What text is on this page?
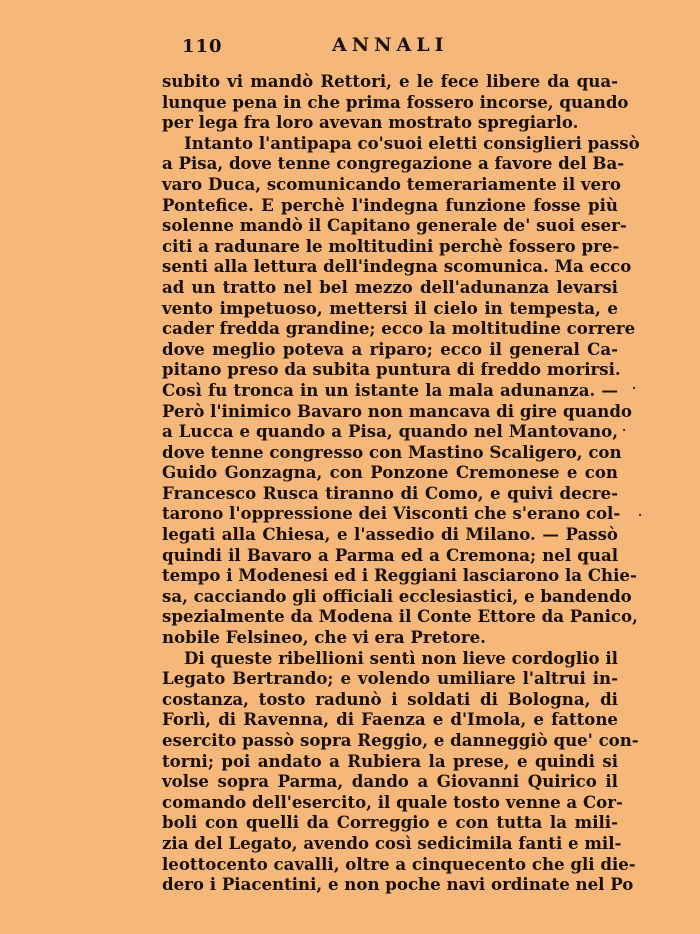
110	ANNALI
subito vi mandò Rettori, e le fece libere da qua-
lunque pena in che prima fossero incorse, quando
per lega fra loro avevan mostrato spregiarlo.
Intanto l'antipapa co'suoi eletti consiglieri passò
a Pisa, dove tenne congregazione a favore del Ba-
varo Duca, scomunicando temerariamente il vero
Pontefice. E perchè l'indegna funzione fosse più
solenne mandò il Capitano generale de' suoi eser-
citi a radunare le moltitudini perchè fossero pre-
senti alla lettura dell'indegna scomunica. Ma ecco
ad un tratto nel bel mezzo dell'adunanza levarsi
vento impetuoso, mettersi il cielo in tempesta, e
cader fredda grandine; ecco la moltitudine correre
dove meglio poteva a riparo; ecco il general Ca-
pitano preso da subita puntura di freddo morirsi.
Così fu tronca in un istante la mala adunanza. —
Però l'inimico Bavaro non mancava di gire quando
a Lucca e quando a Pisa, quando nel Mantovano,
dove tenne congresso con Mastino Scaligero, con
Guido Gonzagna, con Ponzone Cremonese e con
Francesco Rusca tiranno di Como, e quivi decre-
tarono l'oppressione dei Visconti che s'erano col-
legati alla Chiesa, e l'assedio di Milano. — Passò
quindi il Bavaro a Parma ed a Cremona; nel qual
tempo i Modenesi ed i Reggiani lasciarono la Chie-
sa, cacciando gli officiali ecclesiastici, e bandendo
spezialmente da Modena il Conte Ettore da Panico,
nobile Felsineo, che vi era Pretore.
Di queste ribellioni sentì non lieve cordoglio il
Legato Bertrando; e volendo umiliare l'altrui in-
costanza, tosto radunò i soldati di Bologna, di
Forlì, di Ravenna, di Faenza e d'Imola, e fattone
esercito passò sopra Reggio, e danneggiò que' con-
torni; poi andato a Rubiera la prese, e quindi si
volse sopra Parma, dando a Giovanni Quirico il
comando dell'esercito, il quale tosto venne a Cor-
boli con quelli da Correggio e con tutta la mili-
zia del Legato, avendo così sedicimila fanti e mil-
leottocento cavalli, oltre a cinquecento che gli die-
dero i Piacentini, e non poche navi ordinate nel Po
·
·
·
